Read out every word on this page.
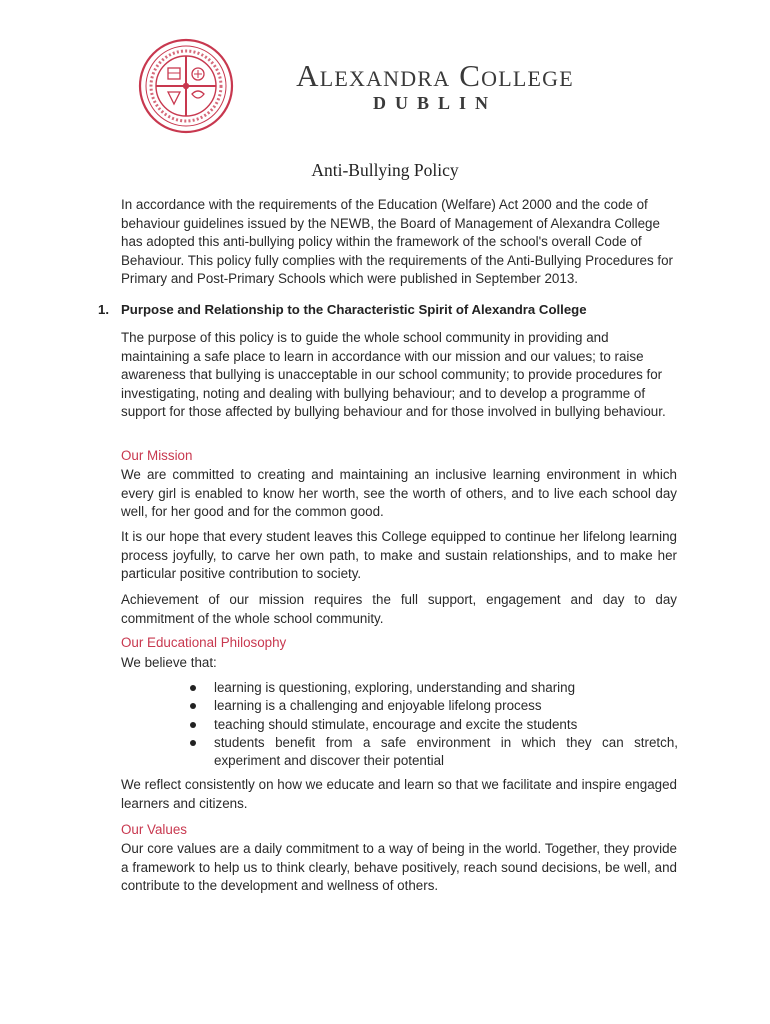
Alexandra College
DUBLIN
Anti-Bullying Policy
In accordance with the requirements of the Education (Welfare) Act 2000 and the code of behaviour guidelines issued by the NEWB, the Board of Management of Alexandra College has adopted this anti-bullying policy within the framework of the school's overall Code of Behaviour. This policy fully complies with the requirements of the Anti-Bullying Procedures for Primary and Post-Primary Schools which were published in September 2013.
1. Purpose and Relationship to the Characteristic Spirit of Alexandra College
The purpose of this policy is to guide the whole school community in providing and maintaining a safe place to learn in accordance with our mission and our values; to raise awareness that bullying is unacceptable in our school community; to provide procedures for investigating, noting and dealing with bullying behaviour; and to develop a programme of support for those affected by bullying behaviour and for those involved in bullying behaviour.
Our Mission
We are committed to creating and maintaining an inclusive learning environment in which every girl is enabled to know her worth, see the worth of others, and to live each school day well, for her good and for the common good.
It is our hope that every student leaves this College equipped to continue her lifelong learning process joyfully, to carve her own path, to make and sustain relationships, and to make her particular positive contribution to society.
Achievement of our mission requires the full support, engagement and day to day commitment of the whole school community.
Our Educational Philosophy
We believe that:
learning is questioning, exploring, understanding and sharing
learning is a challenging and enjoyable lifelong process
teaching should stimulate, encourage and excite the students
students benefit from a safe environment in which they can stretch, experiment and discover their potential
We reflect consistently on how we educate and learn so that we facilitate and inspire engaged learners and citizens.
Our Values
Our core values are a daily commitment to a way of being in the world. Together, they provide a framework to help us to think clearly, behave positively, reach sound decisions, be well, and contribute to the development and wellness of others.
